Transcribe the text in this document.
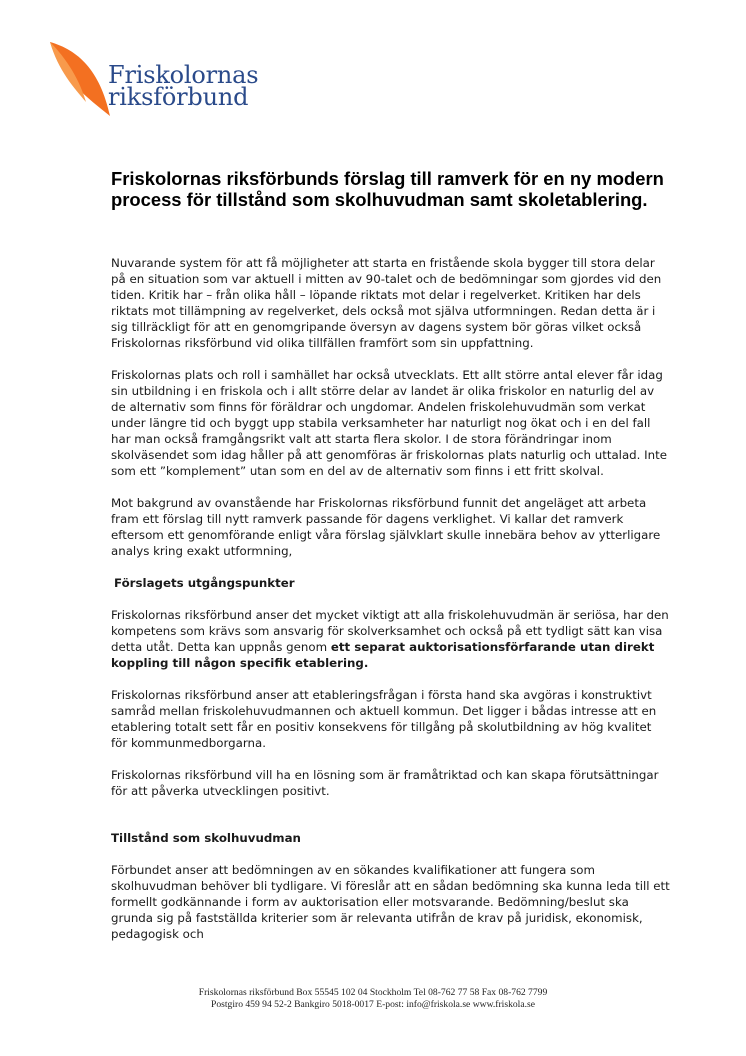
Friskolornas
riksförbund
Friskolornas riksförbunds förslag till ramverk för en ny modern process för tillstånd som skolhuvudman samt skoletablering.

Nuvarande system för att få möjligheter att starta en fristående skola bygger till stora delar på en situation som var aktuell i mitten av 90-talet och de bedömningar som gjordes vid den tiden. Kritik har – från olika håll – löpande riktats mot delar i regelverket. Kritiken har dels riktats mot tillämpning av regelverket, dels också mot själva utformningen. Redan detta är i sig tillräckligt för att en genomgripande översyn av dagens system bör göras vilket också Friskolornas riksförbund vid olika tillfällen framfört som sin uppfattning.

Friskolornas plats och roll i samhället har också utvecklats. Ett allt större antal elever får idag sin utbildning i en friskola och i allt större delar av landet är olika friskolor en naturlig del av de alternativ som finns för föräldrar och ungdomar. Andelen friskolehuvudmän som verkat under längre tid och byggt upp stabila verksamheter har naturligt nog ökat och i en del fall har man också framgångsrikt valt att starta flera skolor. I de stora förändringar inom skolväsendet som idag håller på att genomföras är friskolornas plats naturlig och uttalad. Inte som ett ”komplement” utan som en del av de alternativ som finns i ett fritt skolval.

Mot bakgrund av ovanstående har Friskolornas riksförbund funnit det angeläget att arbeta fram ett förslag till nytt ramverk passande för dagens verklighet. Vi kallar det ramverk eftersom ett genomförande enligt våra förslag självklart skulle innebära behov av ytterligare analys kring exakt utformning,

Förslagets utgångspunkter

Friskolornas riksförbund anser det mycket viktigt att alla friskolehuvudmän är seriösa, har den kompetens som krävs som ansvarig för skolverksamhet och också på ett tydligt sätt kan visa detta utåt. Detta kan uppnås genom ett separat auktorisationsförfarande utan direkt koppling till någon specifik etablering.

Friskolornas riksförbund anser att etableringsfrågan i första hand ska avgöras i konstruktivt samråd mellan friskolehuvudmannen och aktuell kommun. Det ligger i bådas intresse att en etablering totalt sett får en positiv konsekvens för tillgång på skolutbildning av hög kvalitet för kommunmedborgarna.

Friskolornas riksförbund vill ha en lösning som är framåtriktad och kan skapa förutsättningar för att påverka utvecklingen positivt.

Tillstånd som skolhuvudman

Förbundet anser att bedömningen av en sökandes kvalifikationer att fungera som skolhuvudman behöver bli tydligare. Vi föreslår att en sådan bedömning ska kunna leda till ett formellt godkännande i form av auktorisation eller motsvarande. Bedömning/beslut ska grunda sig på fastställda kriterier som är relevanta utifrån de krav på juridisk, ekonomisk, pedagogisk och

Friskolornas riksförbund Box 55545 102 04 Stockholm Tel 08-762 77 58 Fax 08-762 7799
Postgiro 459 94 52-2 Bankgiro 5018-0017 E-post: info@friskola.se www.friskola.se
